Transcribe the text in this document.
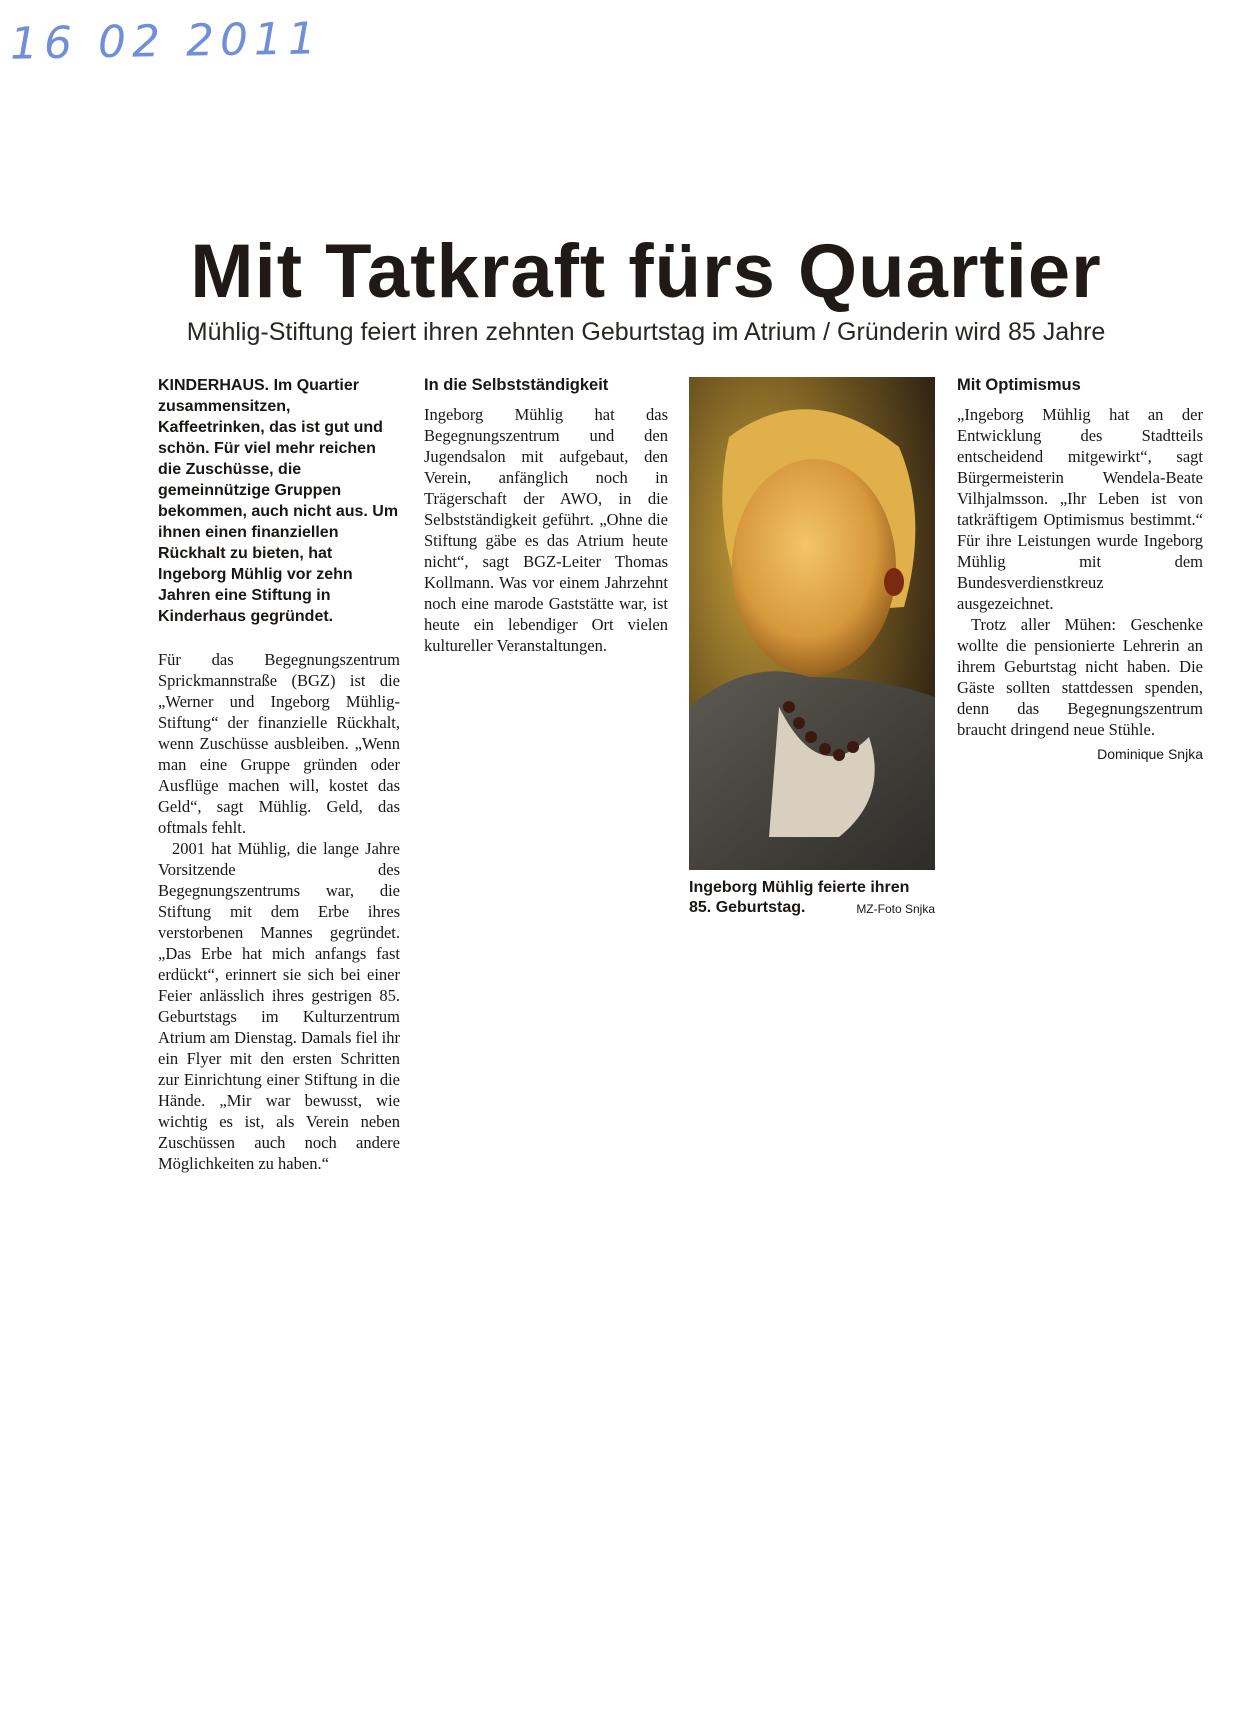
16 02 2011
Mit Tatkraft fürs Quartier
Mühlig-Stiftung feiert ihren zehnten Geburtstag im Atrium / Gründerin wird 85 Jahre
KINDERHAUS. Im Quartier zusammensitzen, Kaffeetrinken, das ist gut und schön. Für viel mehr reichen die Zuschüsse, die gemeinnützige Gruppen bekommen, auch nicht aus. Um ihnen einen finanziellen Rückhalt zu bieten, hat Ingeborg Mühlig vor zehn Jahren eine Stiftung in Kinderhaus gegründet.

Für das Begegnungszentrum Sprickmannstraße (BGZ) ist die „Werner und Ingeborg Mühlig-Stiftung“ der finanzielle Rückhalt, wenn Zuschüsse ausbleiben. „Wenn man eine Gruppe gründen oder Ausflüge machen will, kostet das Geld“, sagt Mühlig. Geld, das oftmals fehlt.

2001 hat Mühlig, die lange Jahre Vorsitzende des Begegnungszentrums war, die Stiftung mit dem Erbe ihres verstorbenen Mannes gegründet. „Das Erbe hat mich anfangs fast erdückt“, erinnert sie sich bei einer Feier anlässlich ihres gestrigen 85. Geburtstags im Kulturzentrum Atrium am Dienstag. Damals fiel ihr ein Flyer mit den ersten Schritten zur Einrichtung einer Stiftung in die Hände. „Mir war bewusst, wie wichtig es ist, als Verein neben Zuschüssen auch noch andere Möglichkeiten zu haben.“

In die Selbstständigkeit

Ingeborg Mühlig hat das Begegnungszentrum und den Jugendsalon mit aufgebaut, den Verein, anfänglich noch in Trägerschaft der AWO, in die Selbstständigkeit geführt. „Ohne die Stiftung gäbe es das Atrium heute nicht“, sagt BGZ-Leiter Thomas Kollmann. Was vor einem Jahrzehnt noch eine marode Gaststätte war, ist heute ein lebendiger Ort vielen kultureller Veranstaltungen.

Ingeborg Mühlig feierte ihren 85. Geburtstag.	MZ-Foto Snjka
Mit Optimismus

„Ingeborg Mühlig hat an der Entwicklung des Stadtteils entscheidend mitgewirkt“, sagt Bürgermeisterin Wendela-Beate Vilhjalmsson. „Ihr Leben ist von tatkräftigem Optimismus bestimmt.“ Für ihre Leistungen wurde Ingeborg Mühlig mit dem Bundesverdienstkreuz ausgezeichnet.

Trotz aller Mühen: Geschenke wollte die pensionierte Lehrerin an ihrem Geburtstag nicht haben. Die Gäste sollten stattdessen spenden, denn das Begegnungszentrum braucht dringend neue Stühle.

Dominique Snjka
